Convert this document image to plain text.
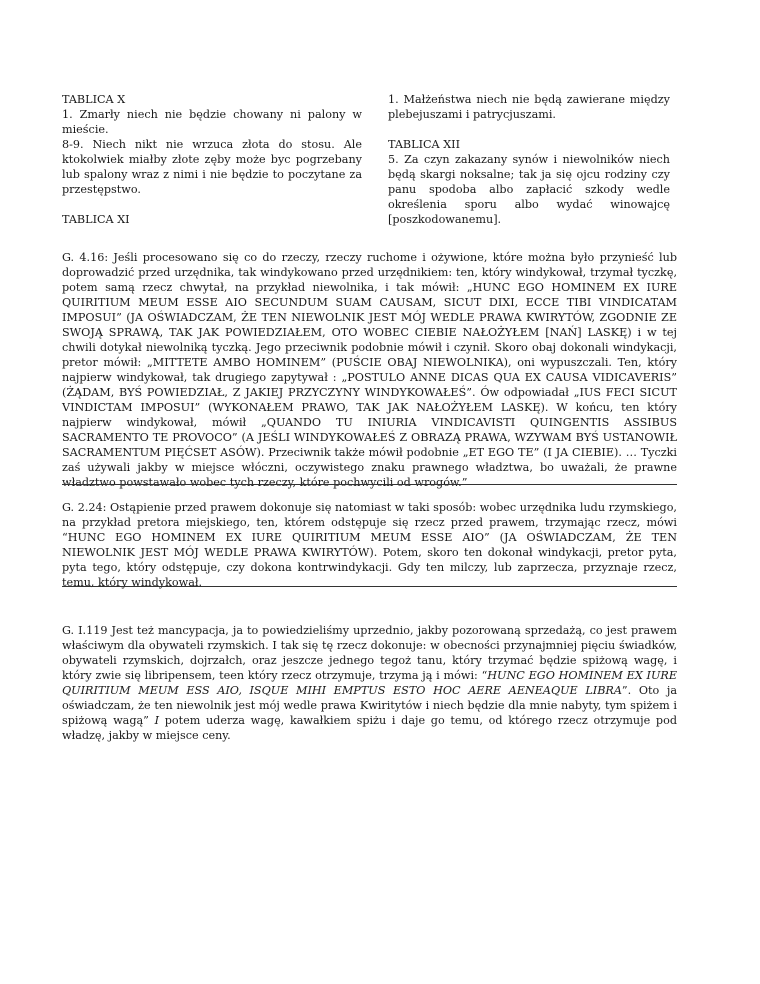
TABLICA X

1. Zmarły niech nie będzie chowany ni palony w mieście.

8-9. Niech nikt nie wrzuca złota do stosu. Ale ktokolwiek miałby złote zęby może byc pogrzebany lub spalony wraz z nimi i nie będzie to poczytane za przestępstwo.

TABLICA XI

1. Małżeństwa niech nie będą zawierane między plebejuszami i patrycjuszami.

TABLICA XII

5. Za czyn zakazany synów i niewolników niech będą skargi noksalne; tak ja się ojcu rodziny czy panu spodoba albo zapłacić szkody wedle określenia sporu albo wydać winowajcę [poszkodowanemu].

G. 4.16: Jeśli procesowano się co do rzeczy, rzeczy ruchome i ożywione, które można było przynieść lub doprowadzić przed urzędnika, tak windykowano przed urzędnikiem: ten, który windykował, trzymał tyczkę, potem samą rzecz chwytał, na przykład niewolnika, i tak mówił: „HUNC EGO HOMINEM EX IURE QUIRITIUM MEUM ESSE AIO SECUNDUM SUAM CAUSAM, SICUT DIXI, ECCE TIBI VINDICATAM IMPOSUI” (JA OŚWIADCZAM, ŻE TEN NIEWOLNIK JEST MÓJ WEDLE PRAWA KWIRYTÓW, ZGODNIE ZE SWOJĄ SPRAWĄ, TAK JAK POWIEDZIAŁEM, OTO WOBEC CIEBIE NAŁOŻYŁEM [NAŃ] LASKĘ) i w tej chwili dotykał niewolniką tyczką. Jego przeciwnik podobnie mówił i czynił. Skoro obaj dokonali windykacji, pretor mówił: „MITTETE AMBO HOMINEM” (PUŚCIE OBAJ NIEWOLNIKA), oni wypuszczali. Ten, który najpierw windykował, tak drugiego zapytywał : „POSTULO ANNE DICAS QUA EX CAUSA VIDICAVERIS” (ŻĄDAM, BYŚ POWIEDZIAŁ, Z JAKIEJ PRZYCZYNY WINDYKOWAŁEŚ”. Ów odpowiadał „IUS FECI SICUT VINDICTAM IMPOSUI” (WYKONAŁEM PRAWO, TAK JAK NAŁOŻYŁEM LASKĘ). W końcu, ten który najpierw windykował, mówił „QUANDO TU INIURIA VINDICAVISTI QUINGENTIS ASSIBUS SACRAMENTO TE PROVOCO” (A JEŚLI WINDYKOWAŁEŚ Z OBRAZĄ PRAWA, WZYWAM BYŚ USTANOWIŁ SACRAMENTUM PIĘĆSET ASÓW). Przeciwnik także mówił podobnie „ET EGO TE” (I JA CIEBIE). … Tyczki zaś używali jakby w miejsce włóczni, oczywistego znaku prawnego władztwa, bo uważali, że prawne władztwo powstawało wobec tych rzeczy, które pochwycili od wrogów.”

G. 2.24: Ostąpienie przed prawem dokonuje się natomiast w taki sposób: wobec urzędnika ludu rzymskiego, na przykład pretora miejskiego, ten, którem odstępuje się rzecz przed prawem, trzymając rzecz, mówi “HUNC EGO HOMINEM EX IURE QUIRITIUM MEUM ESSE AIO” (JA OŚWIADCZAM, ŻE TEN NIEWOLNIK JEST MÓJ WEDLE PRAWA KWIRYTÓW). Potem, skoro ten dokonał windykacji, pretor pyta, pyta tego, który odstępuje, czy dokona kontrwindykacji. Gdy ten milczy, lub zaprzecza, przyznaje rzecz, temu, który windykował.

G. I.119 Jest też mancypacja, ja to powiedzieliśmy uprzednio, jakby pozorowaną sprzedażą, co jest prawem właściwym dla obywateli rzymskich. I tak się tę rzecz dokonuje: w obecności przynajmniej pięciu świadków, obywateli rzymskich, dojrzałch, oraz jeszcze jednego tegoż tanu, który trzymać będzie spiżową wagę, i który zwie się libripensem, teen który rzecz otrzymuje, trzyma ją i mówi: “HUNC EGO HOMINEM EX IURE QUIRITIUM MEUM ESS AIO, ISQUE MIHI EMPTUS ESTO HOC AERE AENEAQUE LIBRA”. Oto ja oświadczam, że ten niewolnik jest mój wedle prawa Kwiritytów i niech będzie dla mnie nabyty, tym spiżem i spiżową wagą” I potem uderza wagę, kawałkiem spiżu i daje go temu, od którego rzecz otrzymuje pod władzę, jakby w miejsce ceny.
